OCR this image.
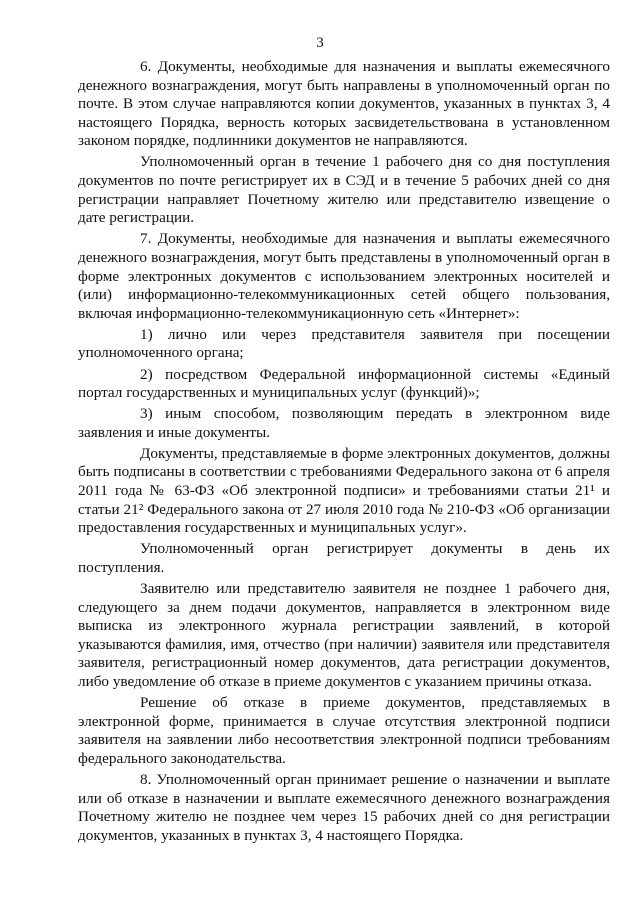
3

6. Документы, необходимые для назначения и выплаты ежемесячного денежного вознаграждения, могут быть направлены в уполномоченный орган по почте. В этом случае направляются копии документов, указанных в пунктах 3, 4 настоящего Порядка, верность которых засвидетельствована в установленном законом порядке, подлинники документов не направляются.

Уполномоченный орган в течение 1 рабочего дня со дня поступления документов по почте регистрирует их в СЭД и в течение 5 рабочих дней со дня регистрации направляет Почетному жителю или представителю извещение о дате регистрации.

7. Документы, необходимые для назначения и выплаты ежемесячного денежного вознаграждения, могут быть представлены в уполномоченный орган в форме электронных документов с использованием электронных носителей и (или) информационно-телекоммуникационных сетей общего пользования, включая информационно-телекоммуникационную сеть «Интернет»:

1) лично или через представителя заявителя при посещении уполномоченного органа;

2) посредством Федеральной информационной системы «Единый портал государственных и муниципальных услуг (функций)»;

3) иным способом, позволяющим передать в электронном виде заявления и иные документы.

Документы, представляемые в форме электронных документов, должны быть подписаны в соответствии с требованиями Федерального закона от 6 апреля 2011 года № 63-ФЗ «Об электронной подписи» и требованиями статьи 21¹ и статьи 21² Федерального закона от 27 июля 2010 года № 210-ФЗ «Об организации предоставления государственных и муниципальных услуг».

Уполномоченный орган регистрирует документы в день их поступления.

Заявителю или представителю заявителя не позднее 1 рабочего дня, следующего за днем подачи документов, направляется в электронном виде выписка из электронного журнала регистрации заявлений, в которой указываются фамилия, имя, отчество (при наличии) заявителя или представителя заявителя, регистрационный номер документов, дата регистрации документов, либо уведомление об отказе в приеме документов с указанием причины отказа.

Решение об отказе в приеме документов, представляемых в электронной форме, принимается в случае отсутствия электронной подписи заявителя на заявлении либо несоответствия электронной подписи требованиям федерального законодательства.

8. Уполномоченный орган принимает решение о назначении и выплате или об отказе в назначении и выплате ежемесячного денежного вознаграждения Почетному жителю не позднее чем через 15 рабочих дней со дня регистрации документов, указанных в пунктах 3, 4 настоящего Порядка.
